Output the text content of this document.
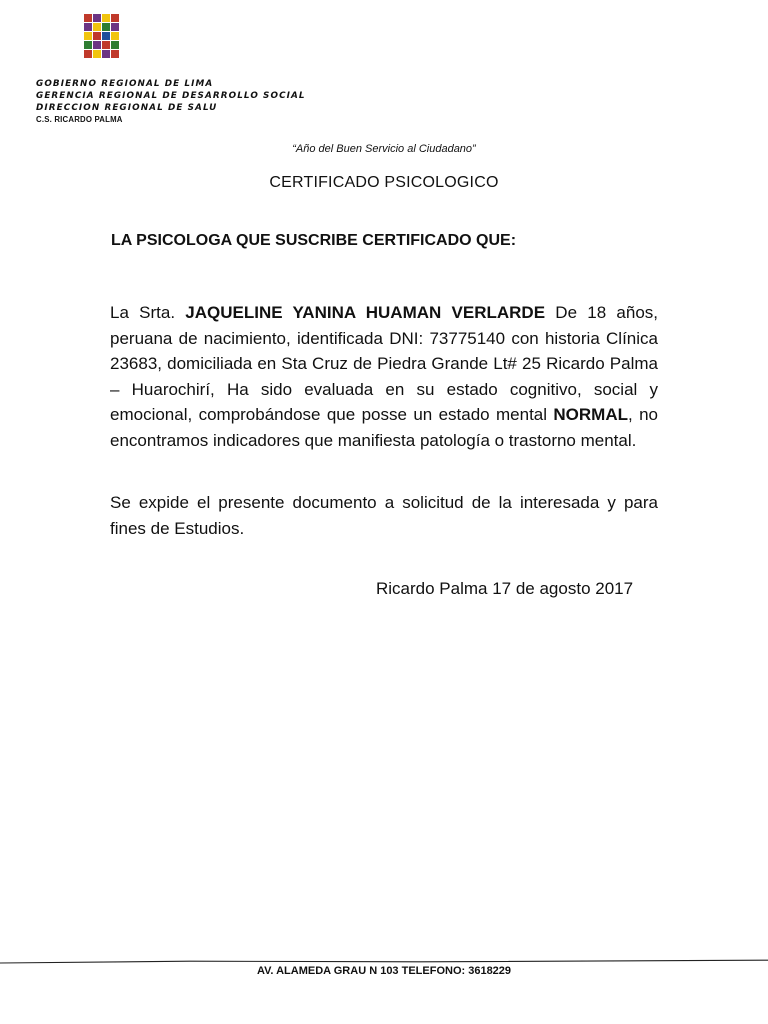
GOBIERNO REGIONAL DE LIMA
GERENCIA REGIONAL DE DESARROLLO SOCIAL
DIRECCION REGIONAL DE SALU
C.S. RICARDO PALMA
“Año del Buen Servicio al Ciudadano”
CERTIFICADO PSICOLOGICO
LA PSICOLOGA QUE SUSCRIBE CERTIFICADO QUE:
La Srta. JAQUELINE YANINA HUAMAN VERLARDE De 18 años, peruana de nacimiento, identificada DNI: 73775140 con historia Clínica 23683, domiciliada en Sta Cruz de Piedra Grande Lt# 25 Ricardo Palma – Huarochirí, Ha sido evaluada en su estado cognitivo, social y emocional, comprobándose que posse un estado mental NORMAL, no encontramos indicadores que manifiesta patología o trastorno mental.
Se expide el presente documento a solicitud de la interesada y para fines de Estudios.
Ricardo Palma 17 de agosto 2017
AV. ALAMEDA GRAU N 103 TELEFONO: 3618229
